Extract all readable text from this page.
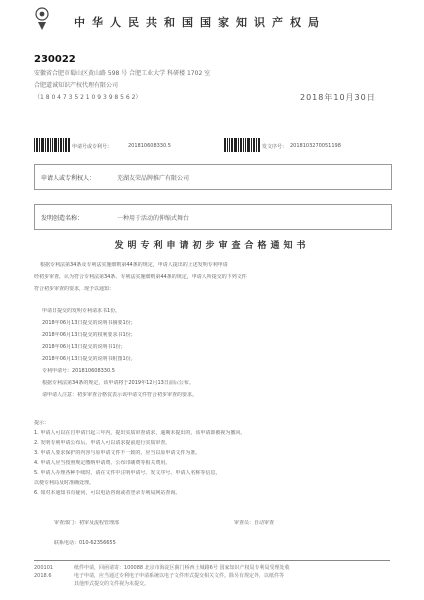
中华人民共和国国家知识产权局
230022
安徽省合肥市蜀山区黄山路 598 号 合肥工业大学 科研楼 1702 室
合肥道诚知识产权代理有限公司
（1 8 0 4 7 3 5 2 1 0 9 3 9 8 5 6 2）	2018年10月30日
申请号或专利号：	201810608330.5	发文序号： 2018103270051198
申请人或专利权人：	芜湖友荣品牌推广有限公司
发明创造名称：	一种用于活动的伸缩式舞台
发明专利申请初步审查合格通知书
根据专利法第34条及专利法实施细则第44条的规定，申请人提出的上述发明专利申请
经初步审查，认为符合专利法第34条、专利法实施细则第44条的规定，申请人所提交的下列文件
符合初步审查的要求，现予以通知：
申请日提交的发明专利请求书1份。
2018年06月13日提交的说明书摘要1份；
2018年06月13日提交的权利要求书1份；
2018年06月13日提交的说明书1份；
2018年06月13日提交的说明书附图1份。
专利申请号：201810608330.5
根据专利法第34条的规定，该申请将于2019年12月13日前后公布。
请申请人注意：初步审查合格仅表示该申请文件符合初步审查的要求。
提示：
1. 申请人可以在自申请日起三年内，提出实质审查请求，逾期未提出的，该申请即被视为撤回。
2. 发明专利申请公布后，申请人可以请求提前进行实质审查。
3. 申请人要求保护的内容与原申请文件不一致的，应当以原申请文件为准。
4. 申请人应当按照规定缴纳申请费、公布印刷费等相关费用。
5. 申请人办理各种手续时，请在文件中注明申请号、发文序号、申请人名称等信息，
以便专利局及时准确处理。
6. 如对本通知书有疑问，可以电话咨询或者登录专利局网站查询。
审查部门：初审及流程管理部	审查员：自动审查
联系电话：010-62356655
200101	纸件申请，回函请寄：100088 北京市海淀区蓟门桥西土城路6号 国家知识产权局专利局受理处收
2018.6	电子申请，应当通过专利电子申请系统以电子文件形式提交相关文件。除另有规定外，以纸件等
其他形式提交的文件视为未提交。
